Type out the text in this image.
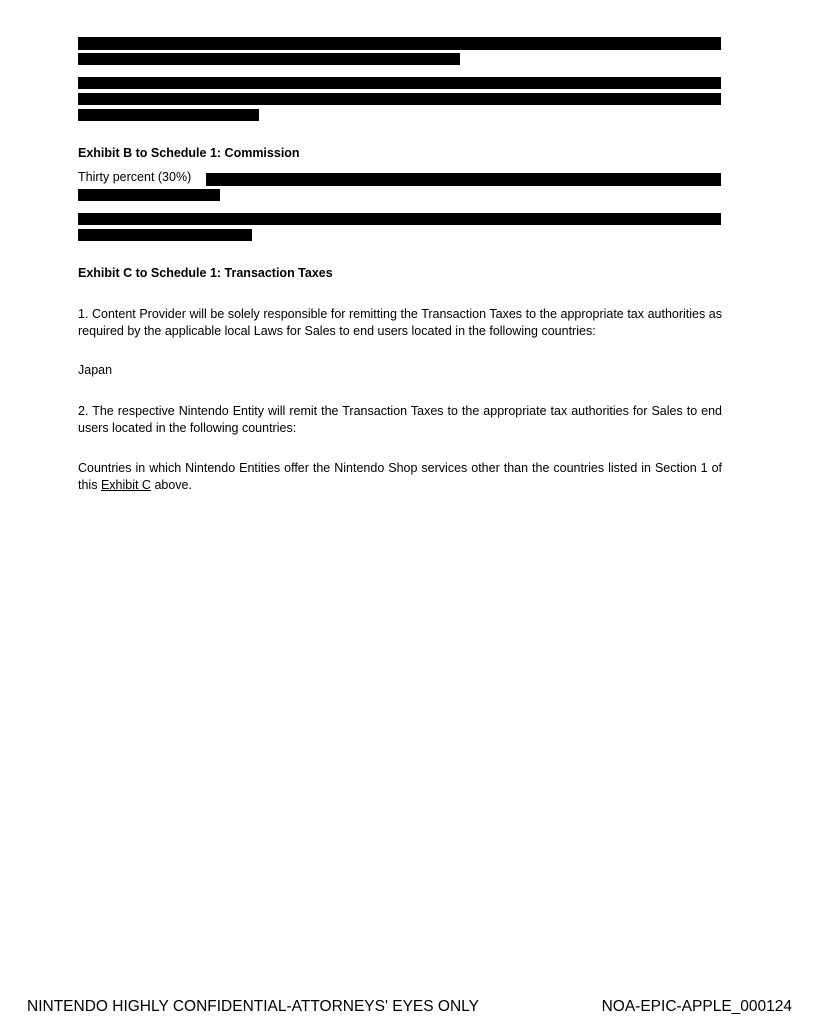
Exhibit B to Schedule 1: Commission

Thirty percent (30%)

Exhibit C to Schedule 1: Transaction Taxes

1. Content Provider will be solely responsible for remitting the Transaction Taxes to the appropriate tax authorities as required by the applicable local Laws for Sales to end users located in the following countries:

Japan

2. The respective Nintendo Entity will remit the Transaction Taxes to the appropriate tax authorities for Sales to end users located in the following countries:

Countries in which Nintendo Entities offer the Nintendo Shop services other than the countries listed in Section 1 of this Exhibit C above.

NINTENDO HIGHLY CONFIDENTIAL-ATTORNEYS' EYES ONLY	NOA-EPIC-APPLE_000124
